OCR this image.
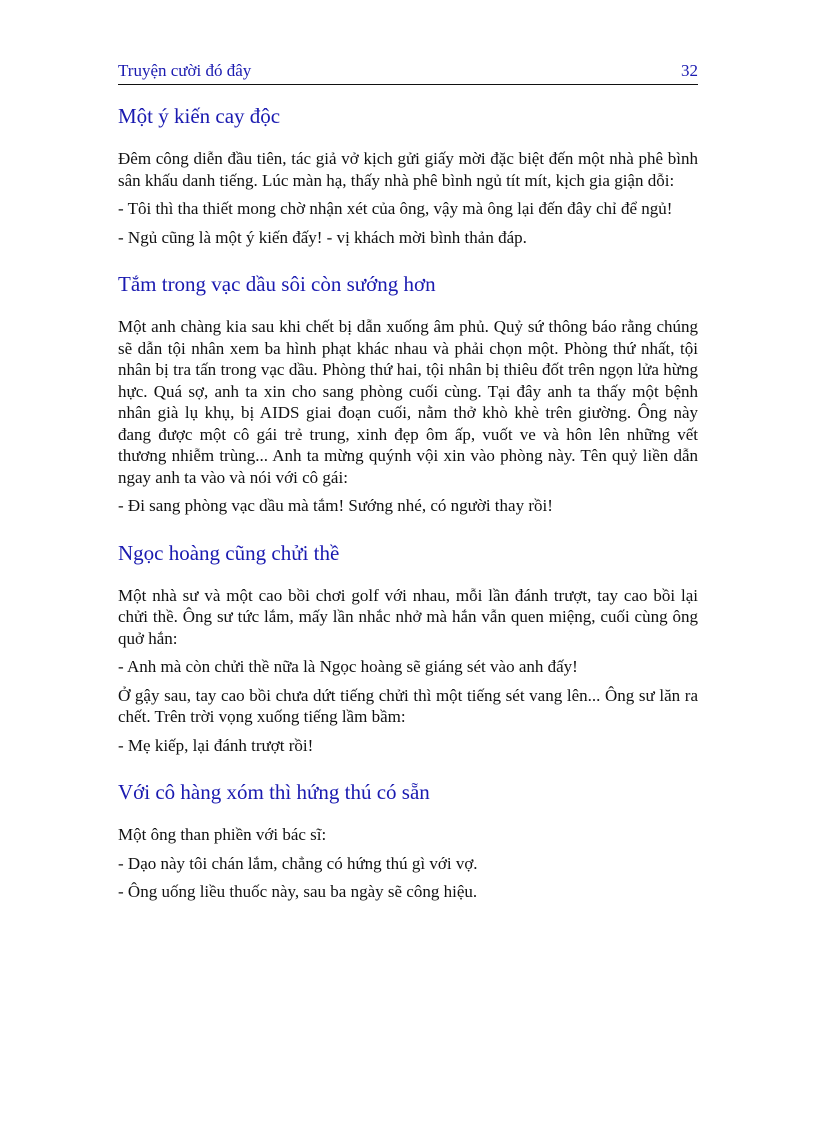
Truyện cười đó đây	32
Một ý kiến cay độc

Đêm công diễn đầu tiên, tác giả vở kịch gửi giấy mời đặc biệt đến một nhà phê bình sân khấu danh tiếng. Lúc màn hạ, thấy nhà phê bình ngủ tít mít, kịch gia giận dỗi:

- Tôi thì tha thiết mong chờ nhận xét của ông, vậy mà ông lại đến đây chỉ để ngủ!

- Ngủ cũng là một ý kiến đấy! - vị khách mời bình thản đáp.

Tắm trong vạc dầu sôi còn sướng hơn

Một anh chàng kia sau khi chết bị dẫn xuống âm phủ. Quỷ sứ thông báo rằng chúng sẽ dẫn tội nhân xem ba hình phạt khác nhau và phải chọn một. Phòng thứ nhất, tội nhân bị tra tấn trong vạc dầu. Phòng thứ hai, tội nhân bị thiêu đốt trên ngọn lửa hừng hực. Quá sợ, anh ta xin cho sang phòng cuối cùng. Tại đây anh ta thấy một bệnh nhân già lụ khụ, bị AIDS giai đoạn cuối, nằm thở khò khè trên giường. Ông này đang được một cô gái trẻ trung, xinh đẹp ôm ấp, vuốt ve và hôn lên những vết thương nhiễm trùng... Anh ta mừng quýnh vội xin vào phòng này. Tên quỷ liền dẫn ngay anh ta vào và nói với cô gái:

- Đi sang phòng vạc dầu mà tắm! Sướng nhé, có người thay rồi!

Ngọc hoàng cũng chửi thề

Một nhà sư và một cao bồi chơi golf với nhau, mỗi lần đánh trượt, tay cao bồi lại chửi thề. Ông sư tức lắm, mấy lần nhắc nhở mà hắn vẫn quen miệng, cuối cùng ông quở hắn:

- Anh mà còn chửi thề nữa là Ngọc hoàng sẽ giáng sét vào anh đấy!

Ở gậy sau, tay cao bồi chưa dứt tiếng chửi thì một tiếng sét vang lên... Ông sư lăn ra chết. Trên trời vọng xuống tiếng lầm bầm:

- Mẹ kiếp, lại đánh trượt rồi!

Với cô hàng xóm thì hứng thú có sẵn

Một ông than phiền với bác sĩ:

- Dạo này tôi chán lắm, chẳng có hứng thú gì với vợ.

- Ông uống liều thuốc này, sau ba ngày sẽ công hiệu.
